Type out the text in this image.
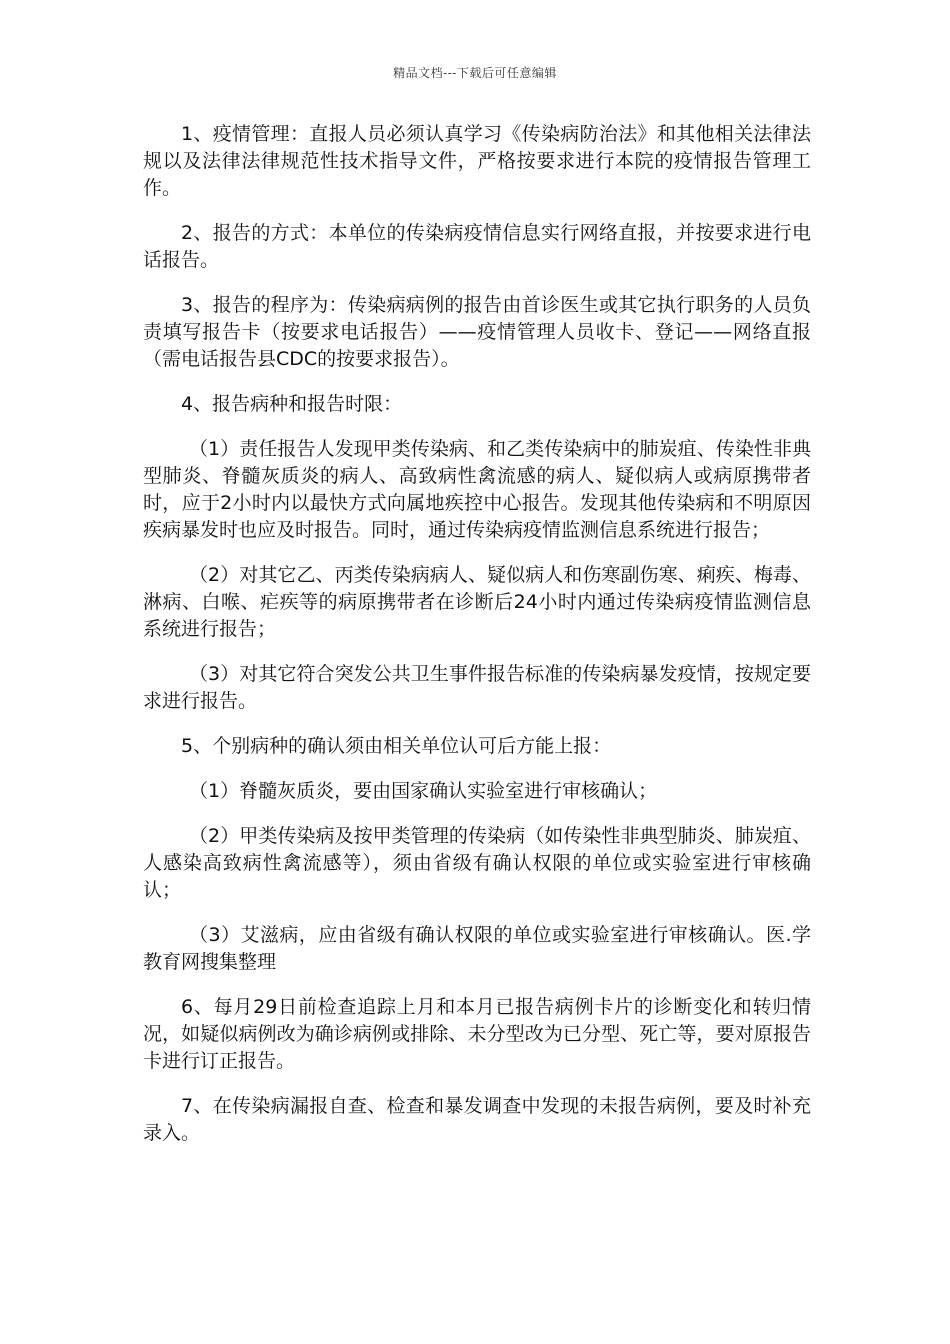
精品文档---下载后可任意编辑

1、疫情管理：直报人员必须认真学习《传染病防治法》和其他相关法律法规以及法律法律规范性技术指导文件，严格按要求进行本院的疫情报告管理工作。

2、报告的方式：本单位的传染病疫情信息实行网络直报，并按要求进行电话报告。

3、报告的程序为：传染病病例的报告由首诊医生或其它执行职务的人员负责填写报告卡（按要求电话报告）——疫情管理人员收卡、登记——网络直报（需电话报告县CDC的按要求报告）。

4、报告病种和报告时限：

（1）责任报告人发现甲类传染病、和乙类传染病中的肺炭疽、传染性非典型肺炎、脊髓灰质炎的病人、高致病性禽流感的病人、疑似病人或病原携带者时，应于2小时内以最快方式向属地疾控中心报告。发现其他传染病和不明原因疾病暴发时也应及时报告。同时，通过传染病疫情监测信息系统进行报告；

（2）对其它乙、丙类传染病病人、疑似病人和伤寒副伤寒、痢疾、梅毒、淋病、白喉、疟疾等的病原携带者在诊断后24小时内通过传染病疫情监测信息系统进行报告；

（3）对其它符合突发公共卫生事件报告标准的传染病暴发疫情，按规定要求进行报告。

5、个别病种的确认须由相关单位认可后方能上报：

（1）脊髓灰质炎，要由国家确认实验室进行审核确认；

（2）甲类传染病及按甲类管理的传染病（如传染性非典型肺炎、肺炭疽、人感染高致病性禽流感等），须由省级有确认权限的单位或实验室进行审核确认；

（3）艾滋病，应由省级有确认权限的单位或实验室进行审核确认。医.学教育网搜集整理

6、每月29日前检查追踪上月和本月已报告病例卡片的诊断变化和转归情况，如疑似病例改为确诊病例或排除、未分型改为已分型、死亡等，要对原报告卡进行订正报告。

7、在传染病漏报自查、检查和暴发调查中发现的未报告病例，要及时补充录入。
